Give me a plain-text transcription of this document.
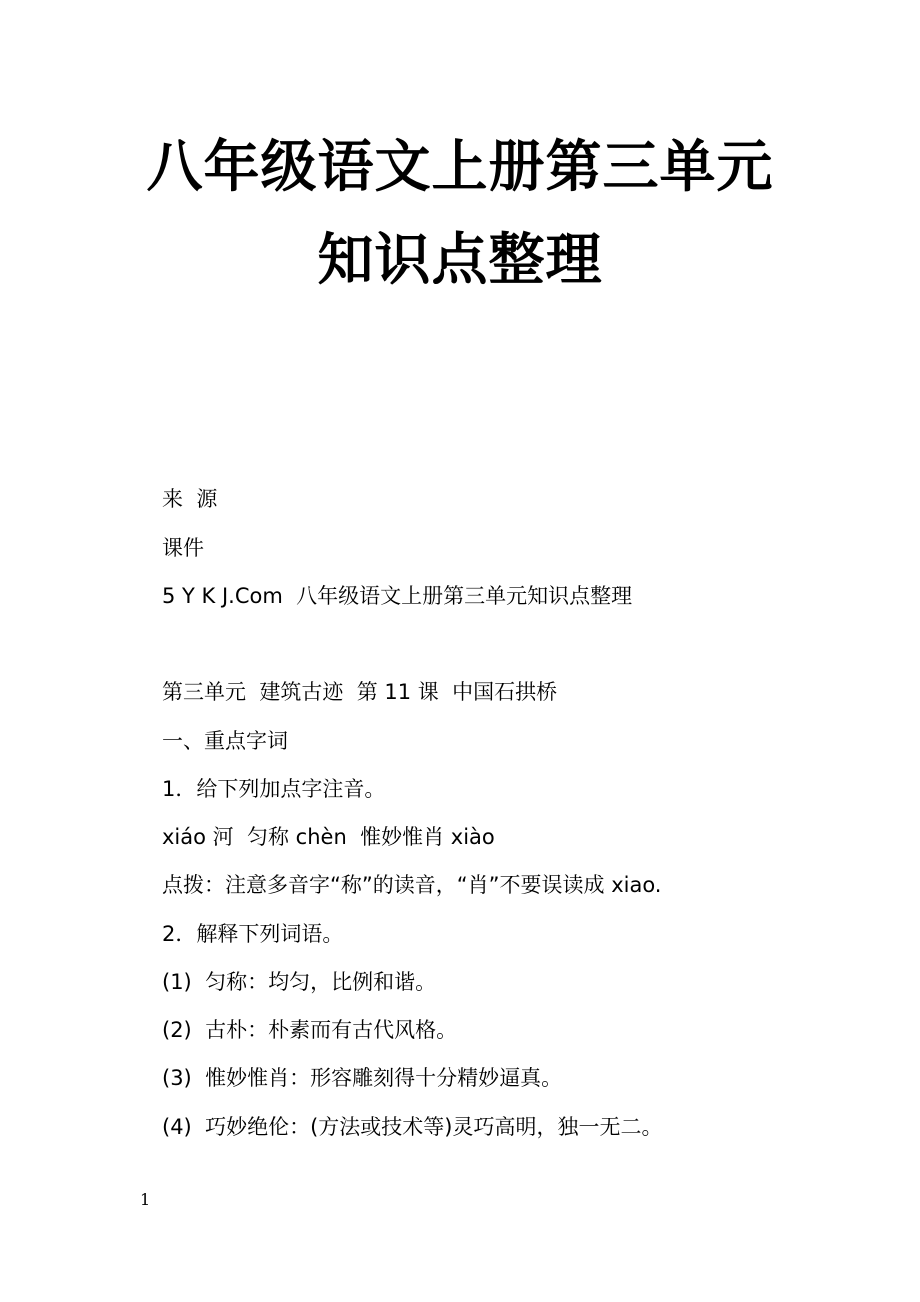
八年级语文上册第三单元
知识点整理
来  源
课件
5 Y K J.Com  八年级语文上册第三单元知识点整理
第三单元  建筑古迹  第 11 课  中国石拱桥
一、重点字词
1．给下列加点字注音。
xiáo 河  匀称 chèn  惟妙惟肖 xiào
点拨：注意多音字“称”的读音，“肖”不要误读成 xiao.
2．解释下列词语。
(1)  匀称：均匀，比例和谐。
(2)  古朴：朴素而有古代风格。
(3)  惟妙惟肖：形容雕刻得十分精妙逼真。
(4)  巧妙绝伦：(方法或技术等)灵巧高明，独一无二。
1
